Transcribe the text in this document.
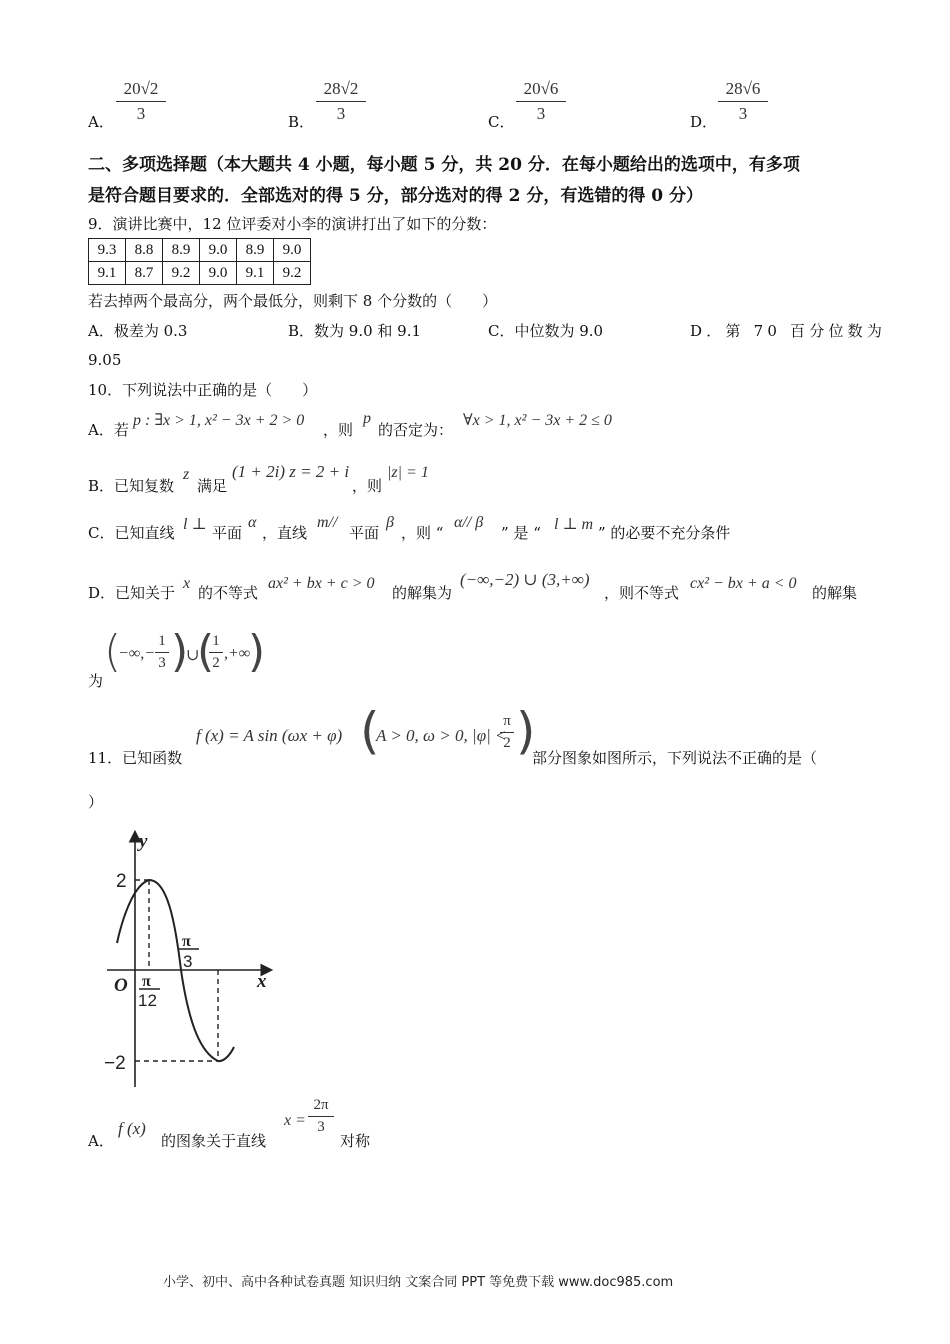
A．
20√2
3	B．
28√2
3	C．
20√6
3	D．
28√6
3
二、多项选择题（本大题共 4 小题，每小题 5 分，共 20 分．在每小题给出的选项中，有多项
是符合题目要求的．全部选对的得 5 分，部分选对的得 2 分，有选错的得 0 分）
9．演讲比赛中，12 位评委对小李的演讲打出了如下的分数：
9.3	8.8	8.9	9.0	8.9	9.0
9.1	8.7	9.2	9.0	9.1	9.2
若去掉两个最高分，两个最低分，则剩下 8 个分数的（　　）
A．极差为 0.3	B．数为 9.0 和 9.1	C．中位数为 9.0	D．第 70 百分位数为
9.05
10．下列说法中正确的是（　　）
A．若
p : ∃x > 1, x² − 3x + 2 > 0
，则
p
的否定为：
∀x > 1, x² − 3x + 2 ≤ 0
B．已知复数
z
满足
(1 + 2i) z = 2 + i
，则
|z| = 1
C．已知直线 l ⊥ 平面
α
，直线
m//
平面
β
，则 “
α// β
” 是 “ l ⊥ m ” 的必要不充分条件
D．已知关于
x
的不等式
ax² + bx + c > 0
的解集为
(−∞,−2) ∪ (3,+∞)
，则不等式
cx² − bx + a < 0
的解集
为
(
−∞,−
1
3 )
∪
(
1
2
,+∞
)
11．已知函数
f (x) = A sin (ωx + φ) (
A > 0, ω > 0, |φ| <
π
2 )
部分图象如图所示，下列说法不正确的是（
）
y
x
O
2
−2
π
12
π
3
A．
f (x)
的图象关于直线
x =
2π
3
对称
小学、初中、高中各种试卷真题 知识归纳 文案合同 PPT 等免费下载 www.doc985.com
